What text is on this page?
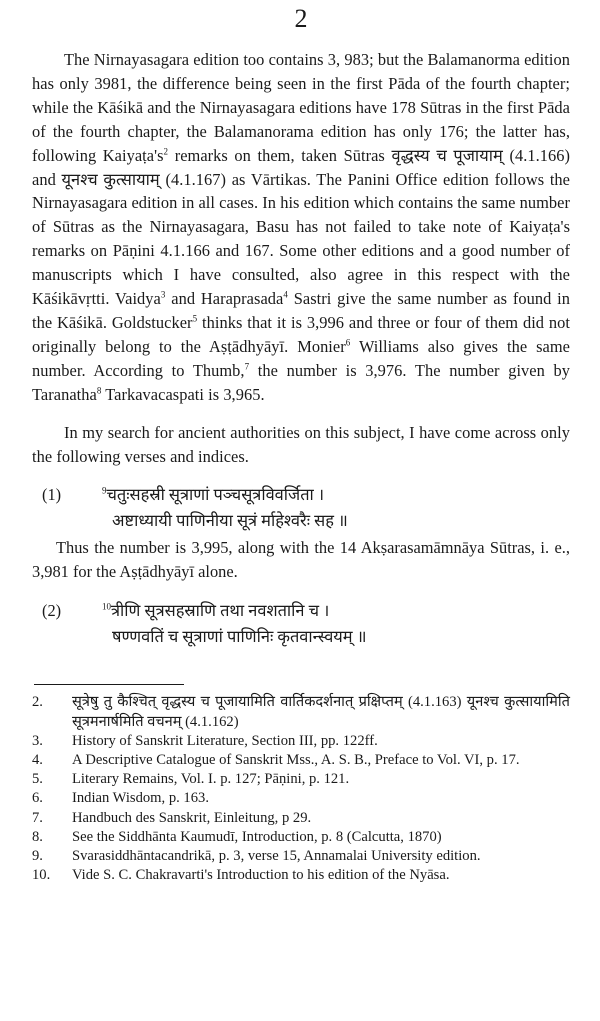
2

The Nirnayasagara edition too contains 3, 983; but the Balamanorma edition has only 3981, the difference being seen in the first Pāda of the fourth chapter; while the Kāśikā and the Nirnayasagara editions have 178 Sūtras in the first Pāda of the fourth chapter, the Balamanorama edition has only 176; the latter has, following $Kaiyaṭa's^2$ remarks on them, taken Sūtras वृद्धस्य च पूजायाम् (4.1.166) and यूनश्च कुत्सायाम् (4.1.167) as Vārtikas. The Panini Office edition follows the Nirnayasagara edition in all cases. In his edition which contains the same number of Sūtras as the Nirnayasagara, Basu has not failed to take note of Kaiyaṭa's remarks on Pāṇini 4.1.166 and 167. Some other editions and a good number of manuscripts which I have consulted, also agree in this respect with the Kāśikāvṛtti. Vaidya$^3$ and Haraprasada$^4$ Sastri give the same number as found in the Kāśikā. Goldstucker$^5$ thinks that it is 3,996 and three or four of them did not originally belong to the Aṣṭādhyāyī. Monier$^6$ Williams also gives the same number. According to Thumb,$^7$ the number is 3,976. The number given by Taranatha$^8$ Tarkavacaspati is 3,965.

In my search for ancient authorities on this subject, I have come across only the following verses and indices.

(1)	$^9$चतुःसहस्री सूत्राणां पञ्चसूत्रविवर्जिता ।
अष्टाध्यायी पाणिनीया सूत्रं र्माहेश्वरैः सह ॥

Thus the number is 3,995, along with the 14 Akṣarasamāmnāya Sūtras, i. e., 3,981 for the Aṣṭādhyāyī alone.

(2)	$^{10}$त्रीणि सूत्रसहस्राणि तथा नवशतानि च ।
षण्णवतिं च सूत्राणां पाणिनिः कृतवान्स्वयम् ॥
2.	सूत्रेषु तु कैश्चित् वृद्धस्य च पूजायामिति वार्तिकदर्शनात् प्रक्षिप्तम् (4.1.163) यूनश्च कुत्सायामिति सूत्रमनार्षमिति वचनम् (4.1.162)
3.	History of Sanskrit Literature, Section III, pp. 122ff.
4.	A Descriptive Catalogue of Sanskrit Mss., A. S. B., Preface to Vol. VI, p. 17.
5.	Literary Remains, Vol. I. p. 127; Pāṇini, p. 121.
6.	Indian Wisdom, p. 163.
7.	Handbuch des Sanskrit, Einleitung, p 29.
8.	See the Siddhānta Kaumudī, Introduction, p. 8 (Calcutta, 1870)
9.	Svarasiddhāntacandrikā, p. 3, verse 15, Annamalai University edition.
10.	Vide S. C. Chakravarti's Introduction to his edition of the Nyāsa.
